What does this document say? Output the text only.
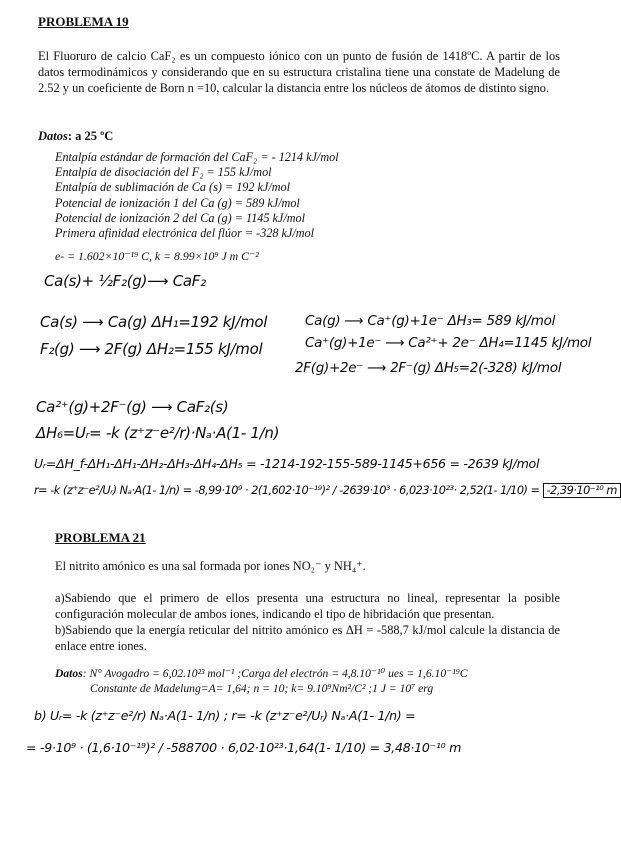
PROBLEMA 19
El Fluoruro de calcio CaF₂ es un compuesto iónico con un punto de fusión de 1418ºC. A partir de los datos termodinámicos y considerando que en su estructura cristalina tiene una constate de Madelung de 2.52 y un coeficiente de Born n =10, calcular la distancia entre los núcleos de átomos de distinto signo.
Datos: a 25 ºC
Entalpía estándar de formación del CaF₂ = - 1214 kJ/mol
Entalpía de disociación del F₂ = 155 kJ/mol
Entalpía de sublimación de Ca (s) = 192 kJ/mol
Potencial de ionización 1 del Ca (g) = 589 kJ/mol
Potencial de ionización 2 del Ca (g) = 1145 kJ/mol
Primera afinidad electrónica del flúor = -328 kJ/mol
e- = 1.602×10⁻¹⁹ C, k = 8.99×10⁹ J m C⁻²
Ca(s)+ ½F₂(g)⟶ CaF₂
Ca(s) ⟶ Ca(g) ΔH₁=192 kJ/mol
F₂(g) ⟶ 2F(g) ΔH₂=155 kJ/mol
Ca(g) ⟶ Ca⁺(g)+1e⁻ ΔH₃= 589 kJ/mol
Ca⁺(g)+1e⁻ ⟶ Ca²⁺+ 2e⁻ ΔH₄=1145 kJ/mol
2F(g)+2e⁻ ⟶ 2F⁻(g) ΔH₅=2(-328) kJ/mol
Ca²⁺(g)+2F⁻(g) ⟶ CaF₂(s)
ΔH₆=Uᵣ= -k (z⁺z⁻e²/r)·Nₐ·A(1- 1/n)
Uᵣ=ΔH_f-ΔH₁-ΔH₁-ΔH₂-ΔH₃-ΔH₄-ΔH₅ = -1214-192-155-589-1145+656 = -2639 kJ/mol
r= -k (z⁺z⁻e²/Uᵣ) Nₐ·A(1- 1/n) = -8,99·10⁹ · 2(1,602·10⁻¹⁹)² / -2639·10³ · 6,023·10²³· 2,52(1- 1/10) = -2,39·10⁻¹⁰ m
PROBLEMA 21
El nitrito amónico es una sal formada por iones NO₂⁻ y NH₄⁺.
a)Sabiendo que el primero de ellos presenta una estructura no lineal, representar la posible configuración molecular de ambos iones, indicando el tipo de hibridación que presentan.
b)Sabiendo que la energía reticular del nitrito amónico es ΔH = -588,7 kJ/mol calcule la distancia de enlace entre iones.
Datos: N° Avogadro = 6,02.10²³ mol⁻¹ ;Carga del electrón = 4,8.10⁻¹⁰ ues = 1,6.10⁻¹⁹C
Constante de Madelung=A= 1,64; n = 10; k= 9.10⁹Nm²/C² ;1 J = 10⁷ erg
b) Uᵣ= -k (z⁺z⁻e²/r) Nₐ·A(1- 1/n) ; r= -k (z⁺z⁻e²/Uᵣ) Nₐ·A(1- 1/n) =
= -9·10⁹ · (1,6·10⁻¹⁹)² / -588700 · 6,02·10²³·1,64(1- 1/10) = 3,48·10⁻¹⁰ m
